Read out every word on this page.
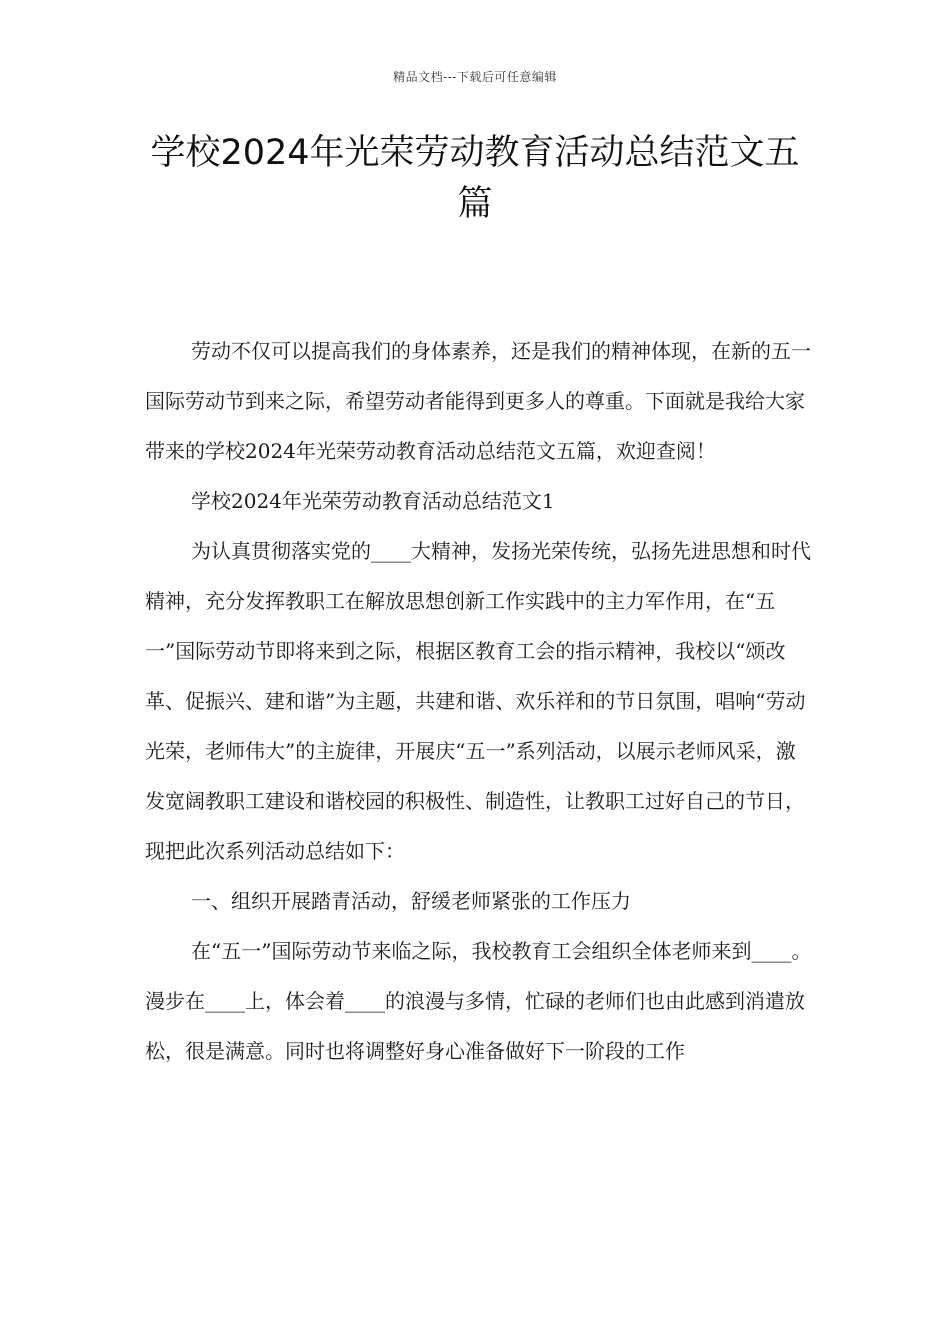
精品文档---下载后可任意编辑
学校2024年光荣劳动教育活动总结范文五篇

劳动不仅可以提高我们的身体素养，还是我们的精神体现，在新的五一国际劳动节到来之际，希望劳动者能得到更多人的尊重。下面就是我给大家带来的学校2024年光荣劳动教育活动总结范文五篇，欢迎查阅！

学校2024年光荣劳动教育活动总结范文1

为认真贯彻落实党的____大精神，发扬光荣传统，弘扬先进思想和时代精神，充分发挥教职工在解放思想创新工作实践中的主力军作用，在“五一”国际劳动节即将来到之际，根据区教育工会的指示精神，我校以“颂改革、促振兴、建和谐”为主题，共建和谐、欢乐祥和的节日氛围，唱响“劳动光荣，老师伟大”的主旋律，开展庆“五一”系列活动，以展示老师风采，激发宽阔教职工建设和谐校园的积极性、制造性，让教职工过好自己的节日，现把此次系列活动总结如下：

一、组织开展踏青活动，舒缓老师紧张的工作压力

在“五一”国际劳动节来临之际，我校教育工会组织全体老师来到____。漫步在____上，体会着____的浪漫与多情，忙碌的老师们也由此感到消遣放松，很是满意。同时也将调整好身心准备做好下一阶段的工作
